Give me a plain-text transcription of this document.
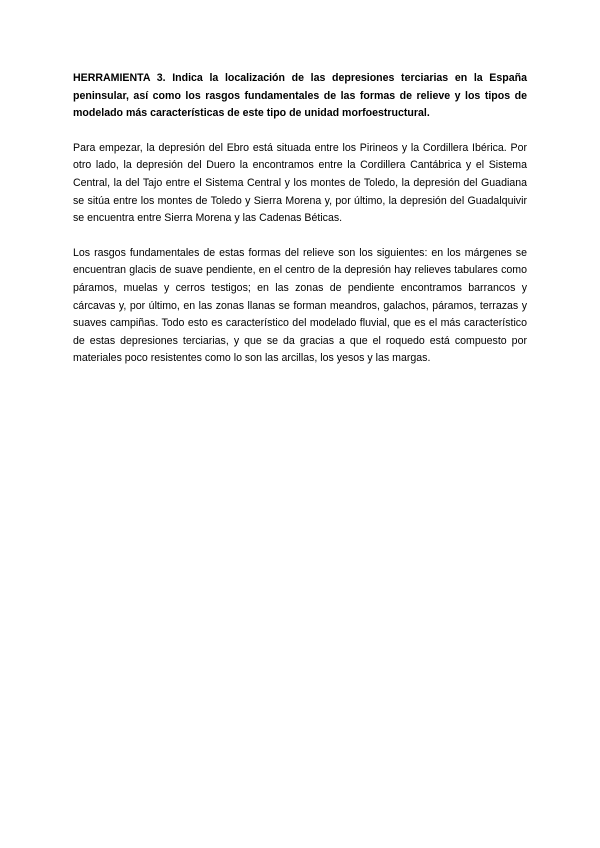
HERRAMIENTA 3. Indica la localización de las depresiones terciarias en la España peninsular, así como los rasgos fundamentales de las formas de relieve y los tipos de modelado más características de este tipo de unidad morfoestructural.

Para empezar, la depresión del Ebro está situada entre los Pirineos y la Cordillera Ibérica. Por otro lado, la depresión del Duero la encontramos entre la Cordillera Cantábrica y el Sistema Central, la del Tajo entre el Sistema Central y los montes de Toledo, la depresión del Guadiana se sitúa entre los montes de Toledo y Sierra Morena y, por último, la depresión del Guadalquivir se encuentra entre Sierra Morena y las Cadenas Béticas.

Los rasgos fundamentales de estas formas del relieve son los siguientes: en los márgenes se encuentran glacis de suave pendiente, en el centro de la depresión hay relieves tabulares como páramos, muelas y cerros testigos; en las zonas de pendiente encontramos barrancos y cárcavas y, por último, en las zonas llanas se forman meandros, galachos, páramos, terrazas y suaves campiñas. Todo esto es característico del modelado fluvial, que es el más característico de estas depresiones terciarias, y que se da gracias a que el roquedo está compuesto por materiales poco resistentes como lo son las arcillas, los yesos y las margas.
